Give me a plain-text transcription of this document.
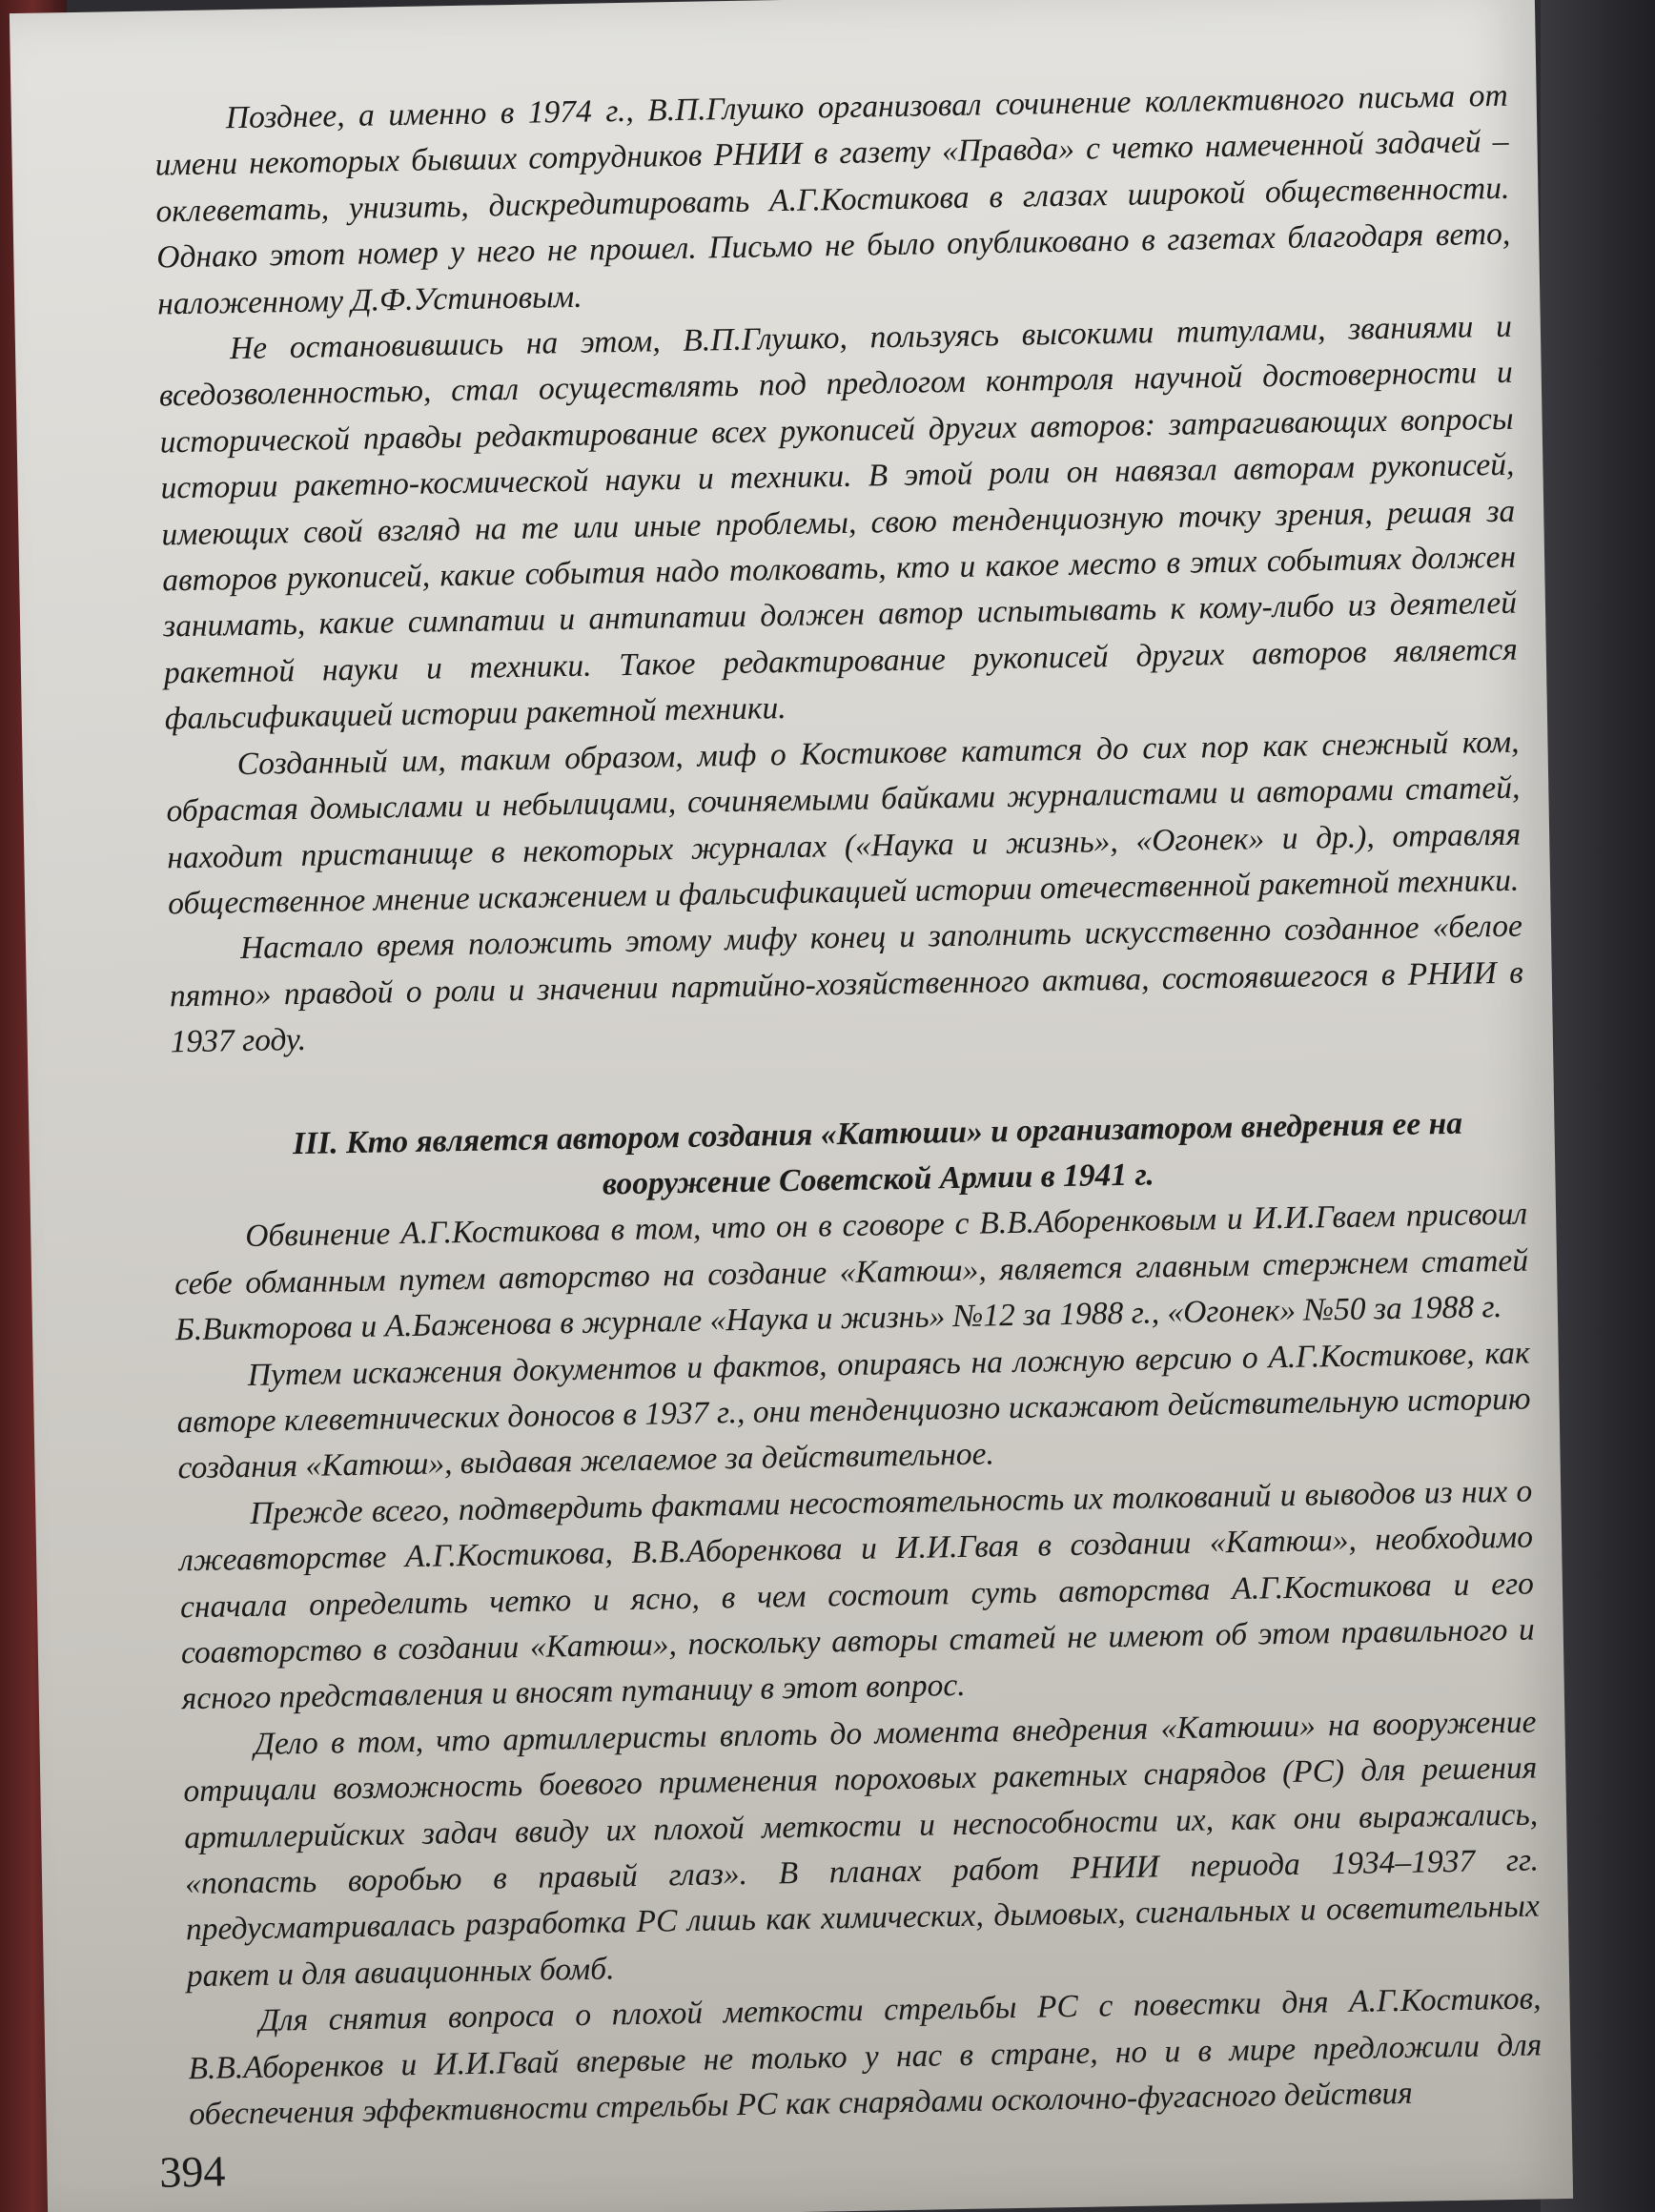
Позднее, а именно в 1974 г., В.П.Глушко организовал сочинение коллективного письма от имени некоторых бывших сотрудников РНИИ в газету «Правда» с четко намеченной задачей – оклеветать, унизить, дискредитировать А.Г.Костикова в глазах широкой общественности. Однако этот номер у него не прошел. Письмо не было опубликовано в газетах благодаря вето, наложенному Д.Ф.Устиновым.

Не остановившись на этом, В.П.Глушко, пользуясь высокими титулами, званиями и вседозволенностью, стал осуществлять под предлогом контроля научной достоверности и исторической правды редактирование всех рукописей других авторов: затрагивающих вопросы истории ракетно-космической науки и техники. В этой роли он навязал авторам рукописей, имеющих свой взгляд на те или иные проблемы, свою тенденциозную точку зрения, решая за авторов рукописей, какие события надо толковать, кто и какое место в этих событиях должен занимать, какие симпатии и антипатии должен автор испытывать к кому-либо из деятелей ракетной науки и техники. Такое редактирование рукописей других авторов является фальсификацией истории ракетной техники.

Созданный им, таким образом, миф о Костикове катится до сих пор как снежный ком, обрастая домыслами и небылицами, сочиняемыми байками журналистами и авторами статей, находит пристанище в некоторых журналах («Наука и жизнь», «Огонек» и др.), отравляя общественное мнение искажением и фальсификацией истории отечественной ракетной техники.

Настало время положить этому мифу конец и заполнить искусственно созданное «белое пятно» правдой о роли и значении партийно-хозяйственного актива, состоявшегося в РНИИ в 1937 году.

III. Кто является автором создания «Катюши» и организатором внедрения ее на
вооружение Советской Армии в 1941 г.

Обвинение А.Г.Костикова в том, что он в сговоре с В.В.Аборенковым и И.И.Гваем присвоил себе обманным путем авторство на создание «Катюш», является главным стержнем статей Б.Викторова и А.Баженова в журнале «Наука и жизнь» №12 за 1988 г., «Огонек» №50 за 1988 г.

Путем искажения документов и фактов, опираясь на ложную версию о А.Г.Костикове, как авторе клеветнических доносов в 1937 г., они тенденциозно искажают действительную историю создания «Катюш», выдавая желаемое за действительное.

Прежде всего, подтвердить фактами несостоятельность их толкований и выводов из них о лжеавторстве А.Г.Костикова, В.В.Аборенкова и И.И.Гвая в создании «Катюш», необходимо сначала определить четко и ясно, в чем состоит суть авторства А.Г.Костикова и его соавторство в создании «Катюш», поскольку авторы статей не имеют об этом правильного и ясного представления и вносят путаницу в этот вопрос.

Дело в том, что артиллеристы вплоть до момента внедрения «Катюши» на вооружение отрицали возможность боевого применения пороховых ракетных снарядов (РС) для решения артиллерийских задач ввиду их плохой меткости и неспособности их, как они выражались, «попасть воробью в правый глаз». В планах работ РНИИ периода 1934–1937 гг. предусматривалась разработка РС лишь как химических, дымовых, сигнальных и осветительных ракет и для авиационных бомб.

Для снятия вопроса о плохой меткости стрельбы РС с повестки дня А.Г.Костиков, В.В.Аборенков и И.И.Гвай впервые не только у нас в стране, но и в мире предложили для обеспечения эффективности стрельбы РС как снарядами осколочно-фугасного действия

394
